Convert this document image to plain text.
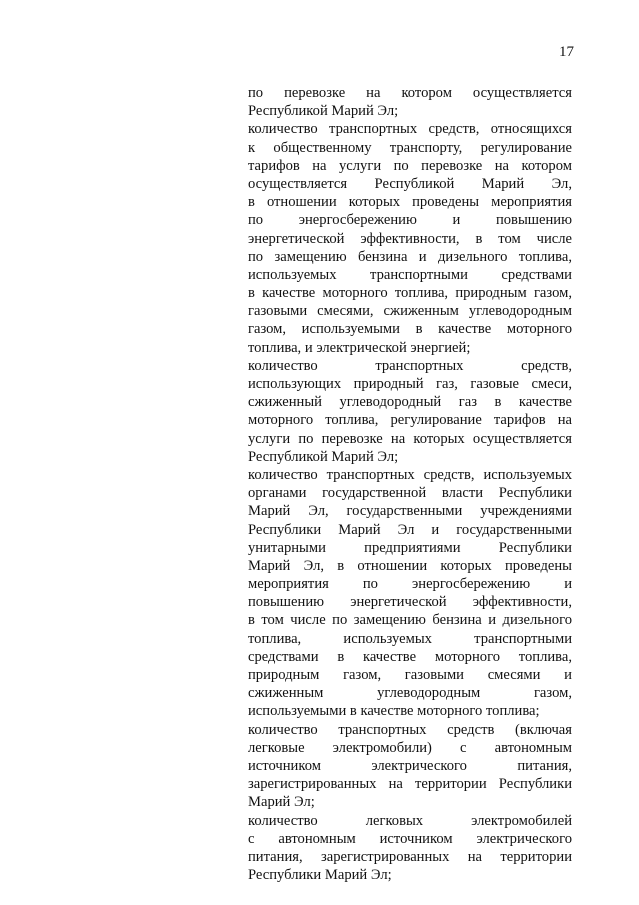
17
по перевозке на котором осуществляется
Республикой Марий Эл;
количество транспортных средств, относящихся
к общественному транспорту, регулирование
тарифов на услуги по перевозке на котором
осуществляется Республикой Марий Эл,
в отношении которых проведены мероприятия
по энергосбережению и повышению
энергетической эффективности, в том числе
по замещению бензина и дизельного топлива,
используемых транспортными средствами
в качестве моторного топлива, природным газом,
газовыми смесями, сжиженным углеводородным
газом, используемыми в качестве моторного
топлива, и электрической энергией;
количество транспортных средств,
использующих природный газ, газовые смеси,
сжиженный углеводородный газ в качестве
моторного топлива, регулирование тарифов на
услуги по перевозке на которых осуществляется
Республикой Марий Эл;
количество транспортных средств, используемых
органами государственной власти Республики
Марий Эл, государственными учреждениями
Республики Марий Эл и государственными
унитарными предприятиями Республики
Марий Эл, в отношении которых проведены
мероприятия по энергосбережению и
повышению энергетической эффективности,
в том числе по замещению бензина и дизельного
топлива, используемых транспортными
средствами в качестве моторного топлива,
природным газом, газовыми смесями и
сжиженным углеводородным газом,
используемыми в качестве моторного топлива;
количество транспортных средств (включая
легковые электромобили) с автономным
источником электрического питания,
зарегистрированных на территории Республики
Марий Эл;
количество легковых электромобилей
с автономным источником электрического
питания, зарегистрированных на территории
Республики Марий Эл;
